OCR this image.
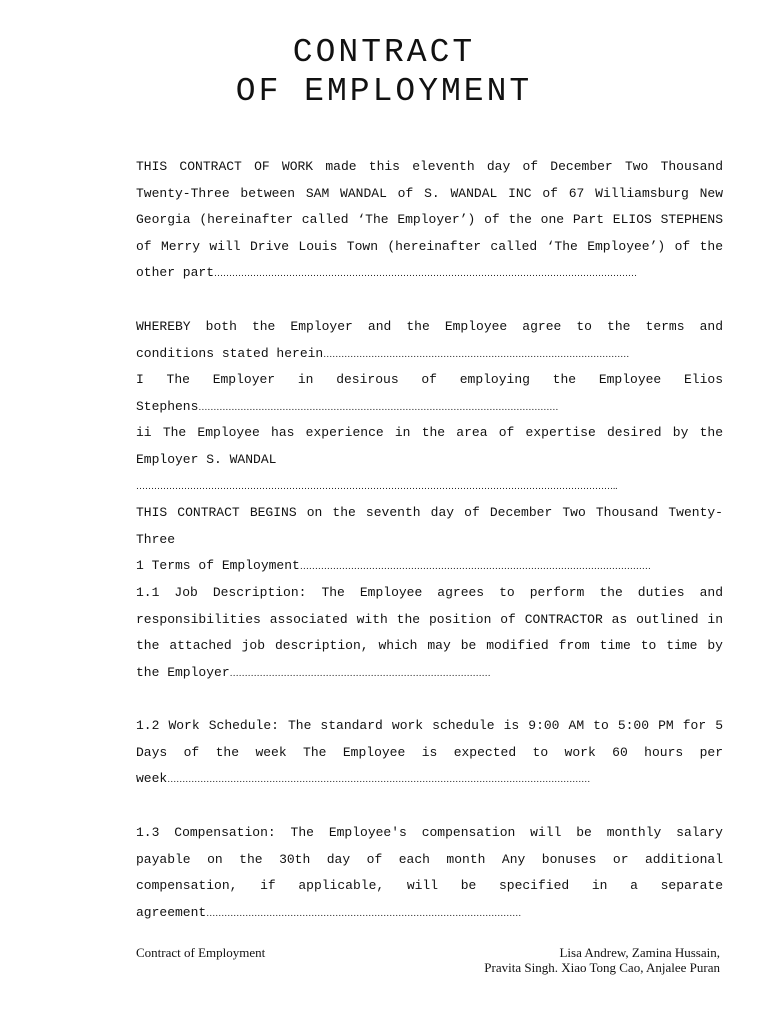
CONTRACT
OF EMPLOYMENT
THIS CONTRACT OF WORK made this eleventh day of December Two Thousand Twenty-Three between SAM WANDAL of S. WANDAL INC of 67 Williamsburg New Georgia (hereinafter called ‘The Employer’) of the one Part ELIOS STEPHENS of Merry will Drive Louis Town (hereinafter called ‘The Employee’) of the other part……………………………………………………………………………………………………………………………
WHEREBY both the Employer and the Employee agree to the terms and conditions stated herein…………………………………………………………………………………………
I The Employer in desirous of employing the Employee Elios Stephens…………………………………………………………………………………………………………
ii The Employee has experience in the area of expertise desired by the Employer S. WANDAL
……………………………………………………………………………………………………………………………………………..
THIS CONTRACT BEGINS on the seventh day of December Two Thousand Twenty-Three
1 Terms of Employment………………………………………………………………………………………………………
1.1 Job Description: The Employee agrees to perform the duties and responsibilities associated with the position of CONTRACTOR as outlined in the attached job description, which may be modified from time to time by the Employer……………………………………………………………………………
1.2 Work Schedule: The standard work schedule is 9:00 AM to 5:00 PM for 5 Days of the week The Employee is expected to work 60 hours per week……………………………………………………………………………………………………………………………
1.3 Compensation: The Employee's compensation will be monthly salary payable on the 30th day of each month Any bonuses or additional compensation, if applicable, will be specified in a separate agreement……………………………………………………………………………………………
Contract of Employment	Lisa Andrew, Zamina Hussain,
Pravita Singh. Xiao Tong Cao, Anjalee Puran
